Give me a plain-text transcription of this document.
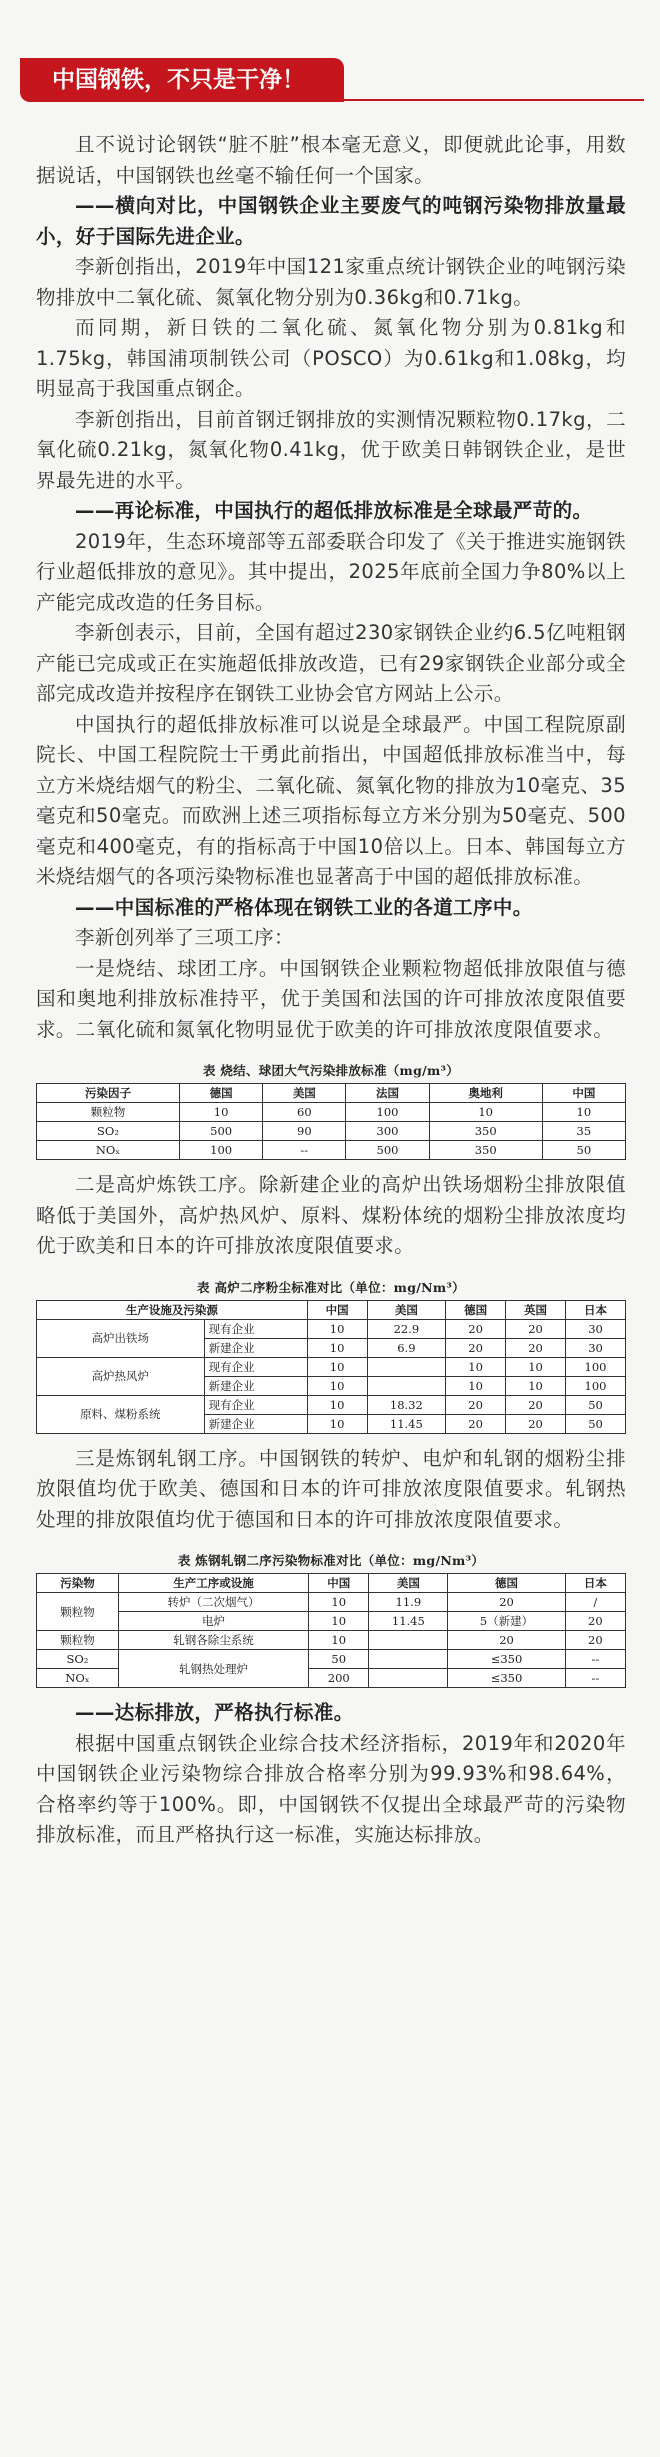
中国钢铁，不只是干净！

且不说讨论钢铁“脏不脏”根本毫无意义，即便就此论事，用数据说话，中国钢铁也丝毫不输任何一个国家。

——横向对比，中国钢铁企业主要废气的吨钢污染物排放量最小，好于国际先进企业。

李新创指出，2019年中国121家重点统计钢铁企业的吨钢污染物排放中二氧化硫、氮氧化物分别为0.36kg和0.71kg。

而同期，新日铁的二氧化硫、氮氧化物分别为0.81kg和1.75kg，韩国浦项制铁公司（POSCO）为0.61kg和1.08kg，均明显高于我国重点钢企。

李新创指出，目前首钢迁钢排放的实测情况颗粒物0.17kg，二氧化硫0.21kg，氮氧化物0.41kg，优于欧美日韩钢铁企业，是世界最先进的水平。

——再论标准，中国执行的超低排放标准是全球最严苛的。

2019年，生态环境部等五部委联合印发了《关于推进实施钢铁行业超低排放的意见》。其中提出，2025年底前全国力争80%以上产能完成改造的任务目标。

李新创表示，目前，全国有超过230家钢铁企业约6.5亿吨粗钢产能已完成或正在实施超低排放改造，已有29家钢铁企业部分或全部完成改造并按程序在钢铁工业协会官方网站上公示。

中国执行的超低排放标准可以说是全球最严。中国工程院原副院长、中国工程院院士干勇此前指出，中国超低排放标准当中，每立方米烧结烟气的粉尘、二氧化硫、氮氧化物的排放为10毫克、35毫克和50毫克。而欧洲上述三项指标每立方米分别为50毫克、500毫克和400毫克，有的指标高于中国10倍以上。日本、韩国每立方米烧结烟气的各项污染物标准也显著高于中国的超低排放标准。

——中国标准的严格体现在钢铁工业的各道工序中。

李新创列举了三项工序：

一是烧结、球团工序。中国钢铁企业颗粒物超低排放限值与德国和奥地利排放标准持平，优于美国和法国的许可排放浓度限值要求。二氧化硫和氮氧化物明显优于欧美的许可排放浓度限值要求。

表 烧结、球团大气污染排放标准（mg/m³）
污染因子	德国	美国	法国	奥地利	中国
颗粒物	10	60	100	10	10
SO₂	500	90	300	350	35
NOₓ	100	--	500	350	50

二是高炉炼铁工序。除新建企业的高炉出铁场烟粉尘排放限值略低于美国外，高炉热风炉、原料、煤粉体统的烟粉尘排放浓度均优于欧美和日本的许可排放浓度限值要求。

表 高炉二序粉尘标准对比（单位：mg/Nm³）
生产设施及污染源		中国	美国	德国	英国	日本
高炉出铁场	现有企业	10	22.9	20	20	30
	新建企业	10	6.9	20	20	30
高炉热风炉	现有企业	10		10	10	100
	新建企业	10		10	10	100
原料、煤粉系统	现有企业	10	18.32	20	20	50
	新建企业	10	11.45	20	20	50

三是炼钢轧钢工序。中国钢铁的转炉、电炉和轧钢的烟粉尘排放限值均优于欧美、德国和日本的许可排放浓度限值要求。轧钢热处理的排放限值均优于德国和日本的许可排放浓度限值要求。

表 炼钢轧钢二序污染物标准对比（单位：mg/Nm³）
污染物	生产工序或设施	中国	美国	德国	日本
颗粒物	转炉（二次烟气）	10	11.9	20	/
	电炉	10	11.45	5（新建）	20
颗粒物	轧钢各除尘系统	10		20	20
SO₂	轧钢热处理炉	50		≤350	--
NOₓ		200		≤350	--

——达标排放，严格执行标准。

根据中国重点钢铁企业综合技术经济指标，2019年和2020年中国钢铁企业污染物综合排放合格率分别为99.93%和98.64%，合格率约等于100%。即，中国钢铁不仅提出全球最严苛的污染物排放标准，而且严格执行这一标准，实施达标排放。
